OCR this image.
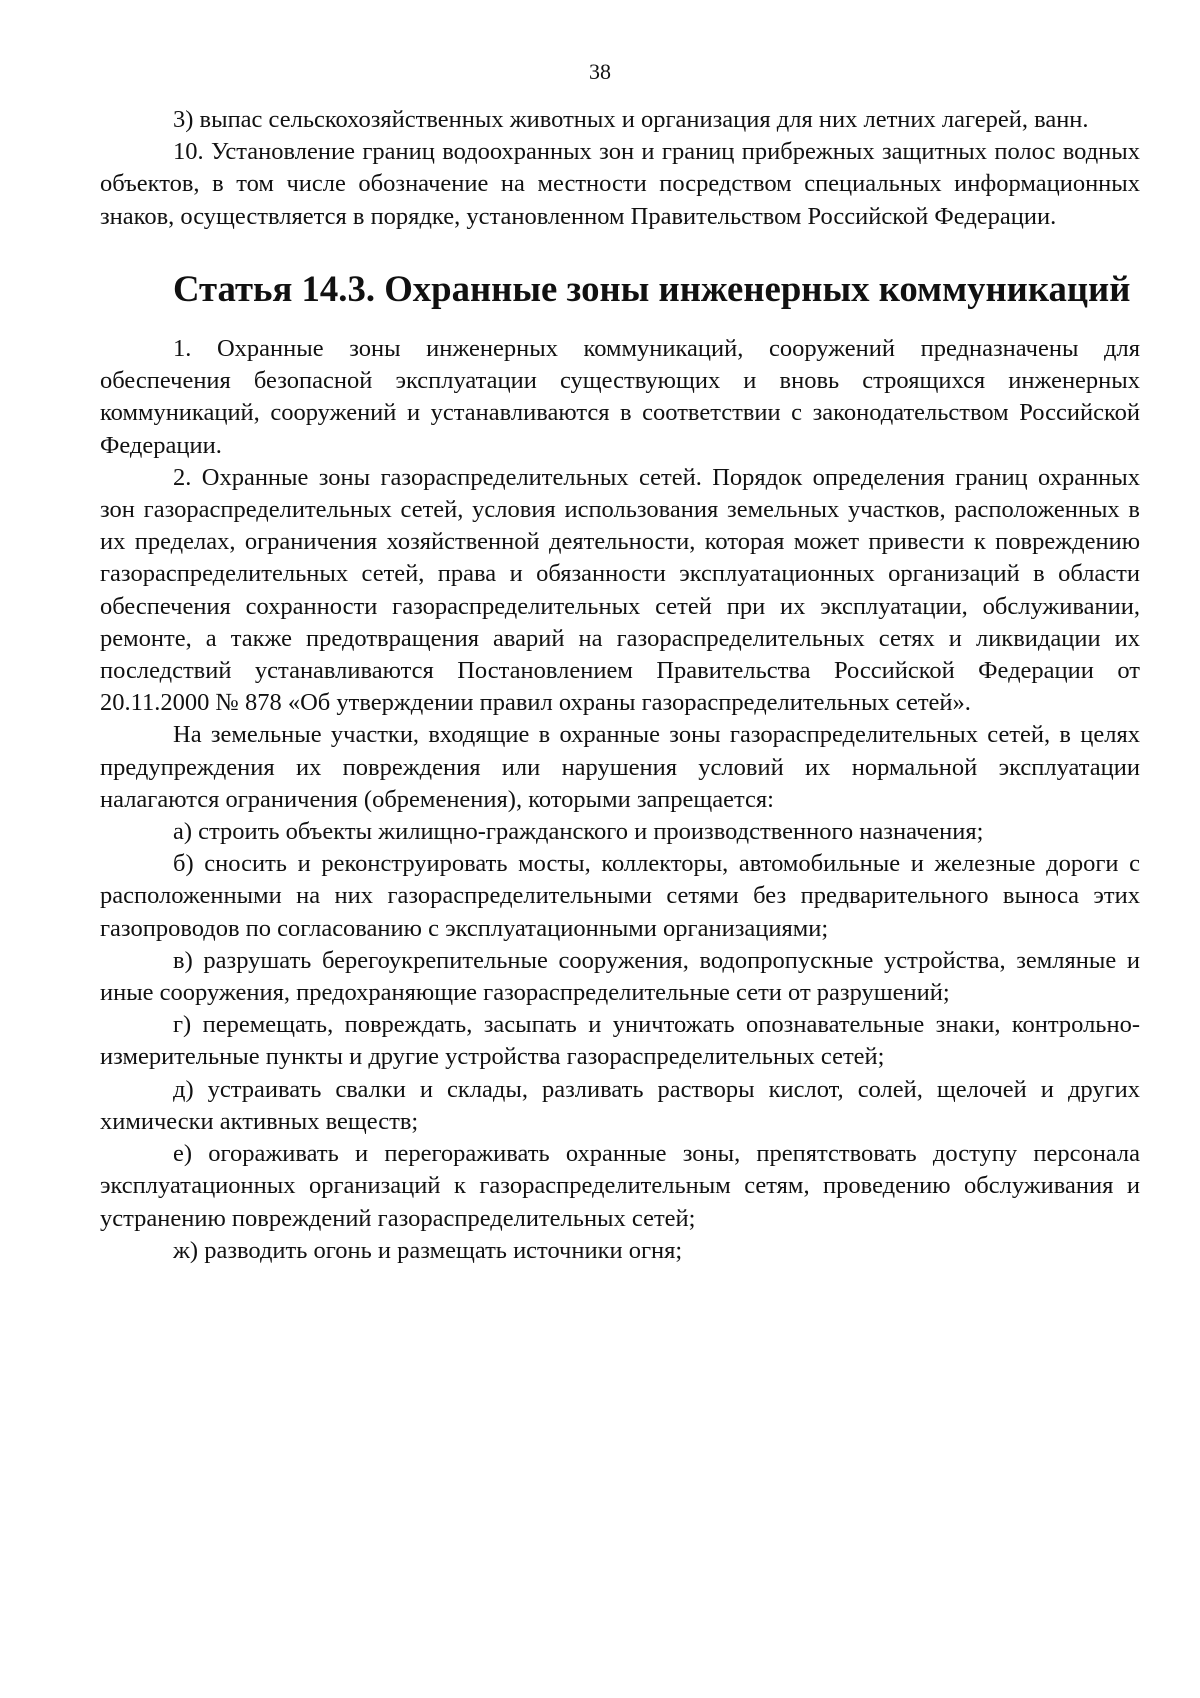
38

3) выпас сельскохозяйственных животных и организация для них летних лагерей, ванн.

10. Установление границ водоохранных зон и границ прибрежных защитных полос водных объектов, в том числе обозначение на местности посредством специальных информационных знаков, осуществляется в порядке, установленном Правительством Российской Федерации.

Статья 14.3. Охранные зоны инженерных коммуникаций

1. Охранные зоны инженерных коммуникаций, сооружений предназначены для обеспечения безопасной эксплуатации существующих и вновь строящихся инженерных коммуникаций, сооружений и устанавливаются в соответствии с законодательством Российской Федерации.

2. Охранные зоны газораспределительных сетей. Порядок определения границ охранных зон газораспределительных сетей, условия использования земельных участков, расположенных в их пределах, ограничения хозяйственной деятельности, которая может привести к повреждению газораспределительных сетей, права и обязанности эксплуатационных организаций в области обеспечения сохранности газораспределительных сетей при их эксплуатации, обслуживании, ремонте, а также предотвращения аварий на газораспределительных сетях и ликвидации их последствий устанавливаются Постановлением Правительства Российской Федерации от 20.11.2000 № 878 «Об утверждении правил охраны газораспределительных сетей».

На земельные участки, входящие в охранные зоны газораспределительных сетей, в целях предупреждения их повреждения или нарушения условий их нормальной эксплуатации налагаются ограничения (обременения), которыми запрещается:

а) строить объекты жилищно-гражданского и производственного назначения;

б) сносить и реконструировать мосты, коллекторы, автомобильные и железные дороги с расположенными на них газораспределительными сетями без предварительного выноса этих газопроводов по согласованию с эксплуатационными организациями;

в) разрушать берегоукрепительные сооружения, водопропускные устройства, земляные и иные сооружения, предохраняющие газораспределительные сети от разрушений;

г) перемещать, повреждать, засыпать и уничтожать опознавательные знаки, контрольно-измерительные пункты и другие устройства газораспределительных сетей;

д) устраивать свалки и склады, разливать растворы кислот, солей, щелочей и других химически активных веществ;

е) огораживать и перегораживать охранные зоны, препятствовать доступу персонала эксплуатационных организаций к газораспределительным сетям, проведению обслуживания и устранению повреждений газораспределительных сетей;

ж) разводить огонь и размещать источники огня;
